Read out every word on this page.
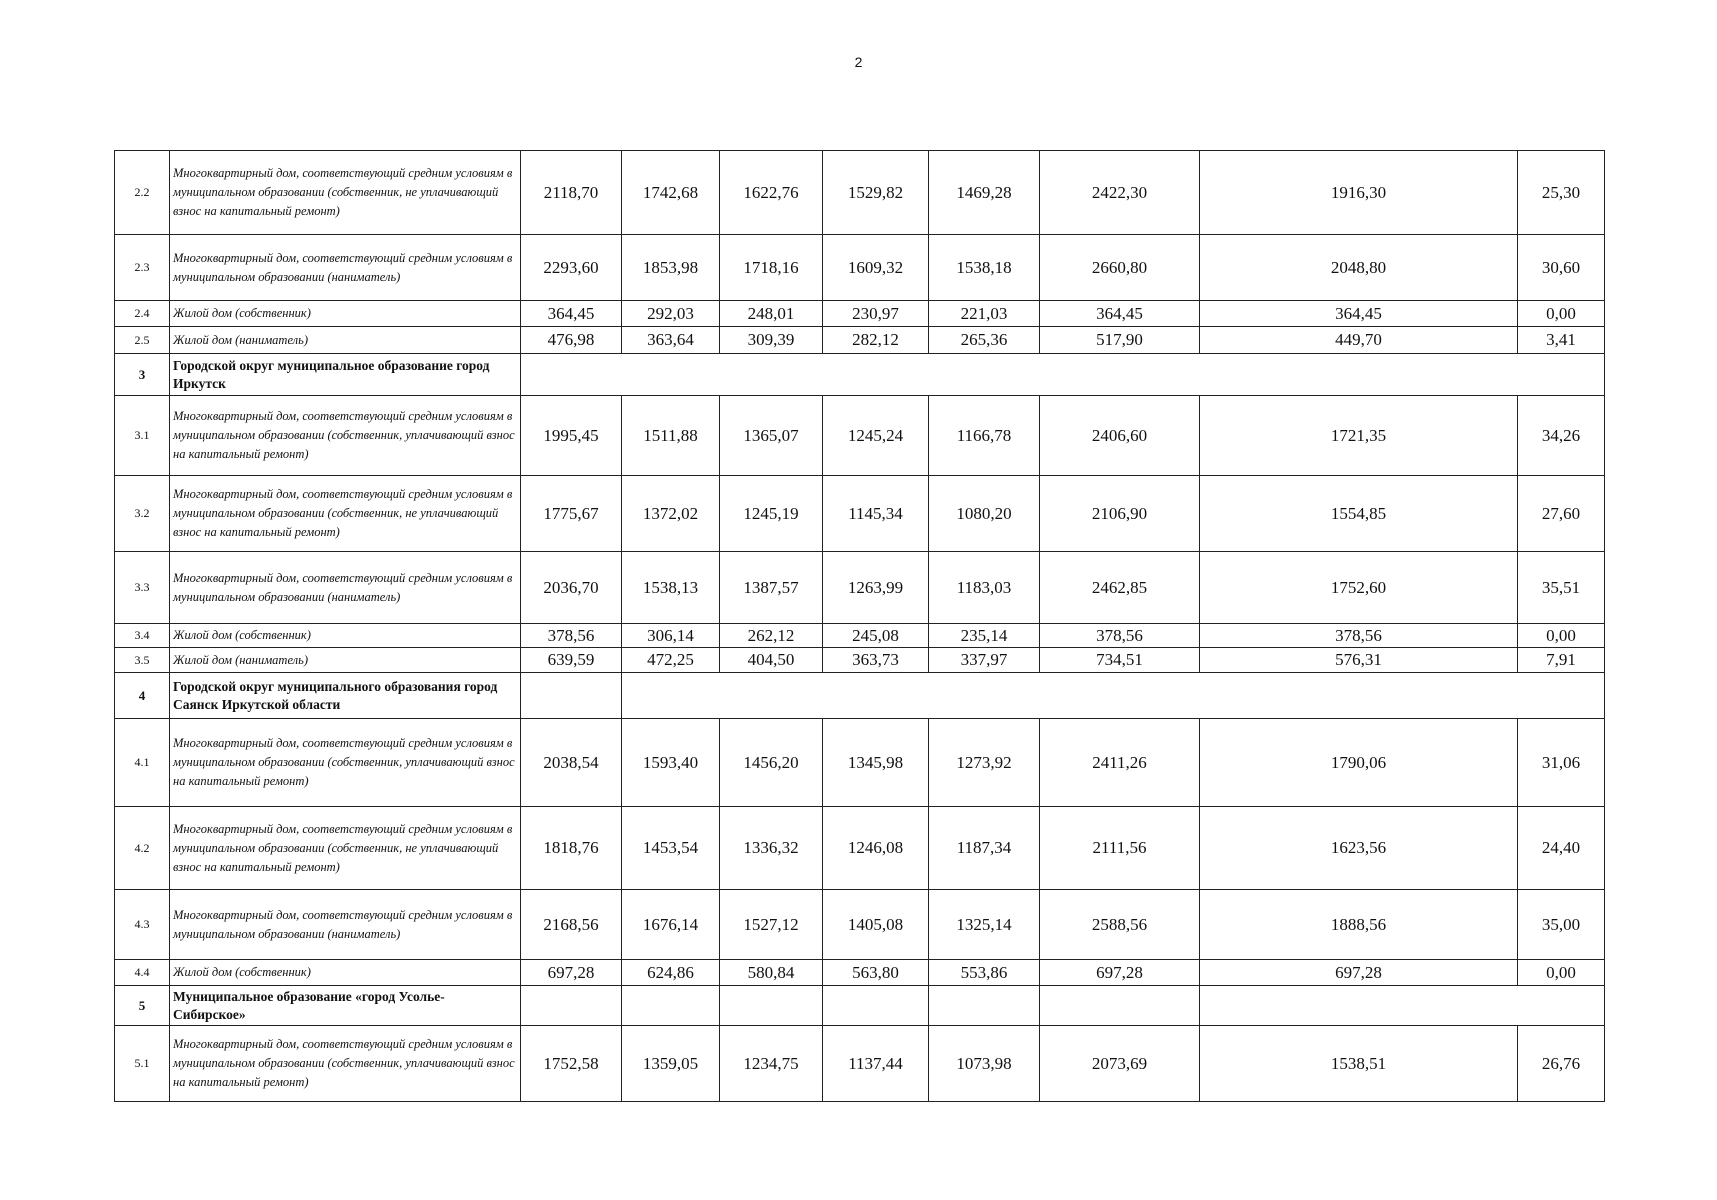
2
2.2	Многоквартирный дом, соответствующий средним условиям в муниципальном образовании (собственник, не уплачивающий взнос на капитальный ремонт)	2118,70	1742,68	1622,76	1529,82	1469,28	2422,30	1916,30	25,30
2.3	Многоквартирный дом, соответствующий средним условиям в муниципальном образовании (наниматель)	2293,60	1853,98	1718,16	1609,32	1538,18	2660,80	2048,80	30,60
2.4	Жилой дом (собственник)	364,45	292,03	248,01	230,97	221,03	364,45	364,45	0,00
2.5	Жилой дом (наниматель)	476,98	363,64	309,39	282,12	265,36	517,90	449,70	3,41
3	Городской округ муниципальное образование город Иркутск								
3.1	Многоквартирный дом, соответствующий средним условиям в муниципальном образовании (собственник, уплачивающий взнос на капитальный ремонт)	1995,45	1511,88	1365,07	1245,24	1166,78	2406,60	1721,35	34,26
3.2	Многоквартирный дом, соответствующий средним условиям в муниципальном образовании (собственник, не уплачивающий взнос на капитальный ремонт)	1775,67	1372,02	1245,19	1145,34	1080,20	2106,90	1554,85	27,60
3.3	Многоквартирный дом, соответствующий средним условиям в муниципальном образовании (наниматель)	2036,70	1538,13	1387,57	1263,99	1183,03	2462,85	1752,60	35,51
3.4	Жилой дом (собственник)	378,56	306,14	262,12	245,08	235,14	378,56	378,56	0,00
3.5	Жилой дом (наниматель)	639,59	472,25	404,50	363,73	337,97	734,51	576,31	7,91
4	Городской округ муниципального образования город Саянск Иркутской области								
4.1	Многоквартирный дом, соответствующий средним условиям в муниципальном образовании (собственник, уплачивающий взнос на капитальный ремонт)	2038,54	1593,40	1456,20	1345,98	1273,92	2411,26	1790,06	31,06
4.2	Многоквартирный дом, соответствующий средним условиям в муниципальном образовании (собственник, не уплачивающий взнос на капитальный ремонт)	1818,76	1453,54	1336,32	1246,08	1187,34	2111,56	1623,56	24,40
4.3	Многоквартирный дом, соответствующий средним условиям в муниципальном образовании (наниматель)	2168,56	1676,14	1527,12	1405,08	1325,14	2588,56	1888,56	35,00
4.4	Жилой дом (собственник)	697,28	624,86	580,84	563,80	553,86	697,28	697,28	0,00
5	Муниципальное образование «город Усолье-Сибирское»								
5.1	Многоквартирный дом, соответствующий средним условиям в муниципальном образовании (собственник, уплачивающий взнос на капитальный ремонт)	1752,58	1359,05	1234,75	1137,44	1073,98	2073,69	1538,51	26,76
